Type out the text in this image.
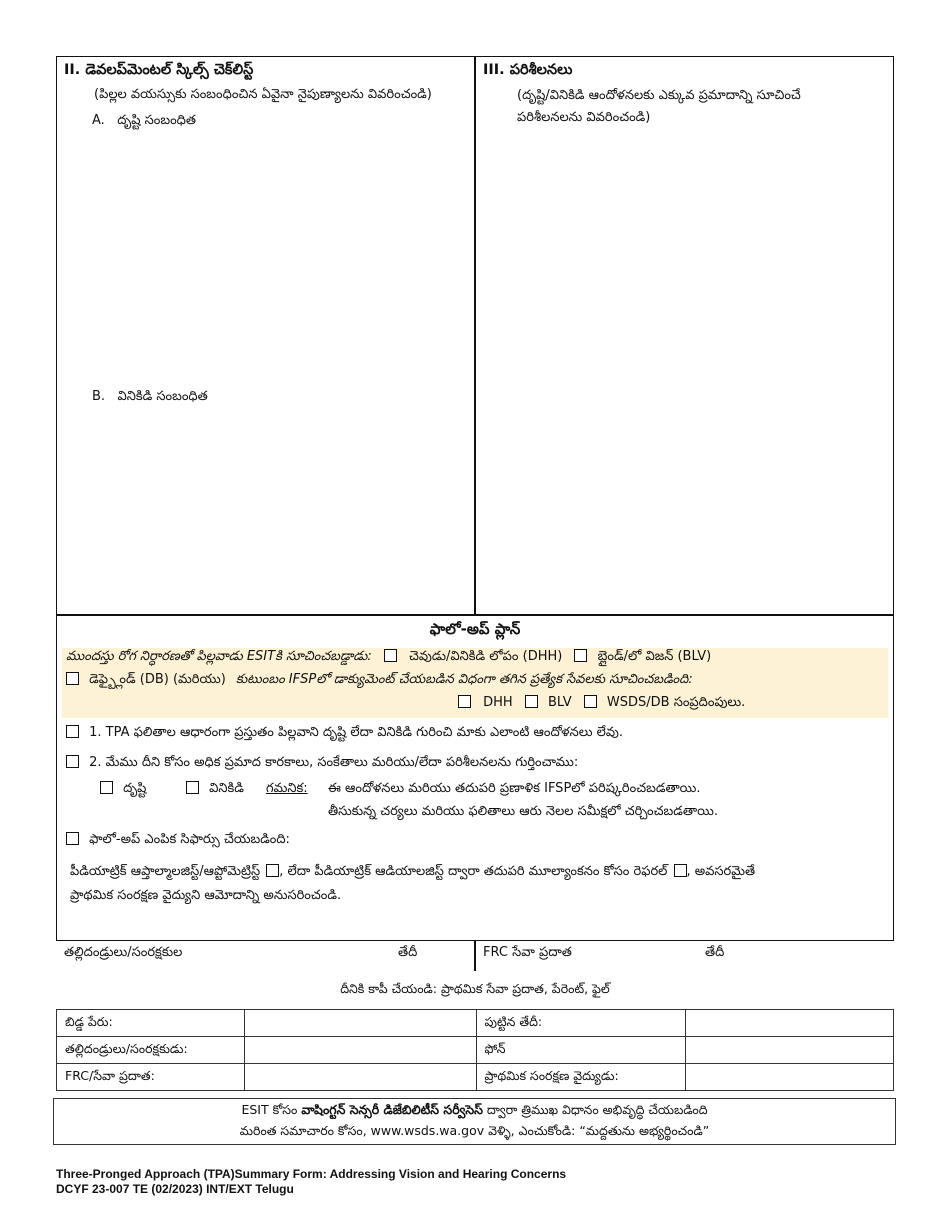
II. డెవలప్‌మెంటల్ స్కిల్స్ చెక్‌లిస్ట్
(పిల్లల వయస్సుకు సంబంధించిన ఏవైనా నైపుణ్యాలను వివరించండి)
A.   దృష్టి సంబంధిత
B.   వినికిడి సంబంధిత
III. పరిశీలనలు
(దృష్టి/వినికిడి ఆందోళనలకు ఎక్కువ ప్రమాదాన్ని సూచించే
పరిశీలనలను వివరించండి)
ఫాలో-అప్ ప్లాన్
ముందస్తు రోగ నిర్ధారణతో పిల్లవాడు ESITకి సూచించబడ్డాడు:	చెవుడు/వినికిడి లోపం (DHH)	బ్లైండ్/లో విజన్ (BLV)
డెఫ్బ్లైండ్ (DB) (మరియు) కుటుంబం IFSPలో డాక్యుమెంట్ చేయబడిన విధంగా తగిన ప్రత్యేక సేవలకు సూచించబడింది:
DHH	BLV	WSDS/DB సంప్రదింపులు.
1. TPA ఫలితాల ఆధారంగా ప్రస్తుతం పిల్లవాని దృష్టి లేదా వినికిడి గురించి మాకు ఎలాంటి ఆందోళనలు లేవు.
2. మేము దీని కోసం అధిక ప్రమాద కారకాలు, సంకేతాలు మరియు/లేదా పరిశీలనలను గుర్తించాము:
దృష్టి	వినికిడి గమనిక: ఈ ఆందోళనలు మరియు తదుపరి ప్రణాళిక IFSPలో పరిష్కరించబడతాయి.
తీసుకున్న చర్యలు మరియు ఫలితాలు ఆరు నెలల సమీక్షలో చర్చించబడతాయి.
ఫాలో-అప్ ఎంపిక సిఫార్సు చేయబడింది:
పీడియాట్రిక్ ఆప్తాల్మాలజిస్ట్/ఆప్టోమెట్రిస్ట్ , లేదా పీడియాట్రిక్ ఆడియాలజిస్ట్ ద్వారా తదుపరి మూల్యాంకనం కోసం రెఫరల్ , అవసరమైతే
ప్రాథమిక సంరక్షణ వైద్యుని ఆమోదాన్ని అనుసరించండి.
తల్లిదండ్రులు/సంరక్షకుల	తేదీ	FRC సేవా ప్రదాత	తేదీ
దీనికి కాపీ చేయండి: ప్రాథమిక సేవా ప్రదాత, పేరెంట్, ఫైల్
బిడ్డ పేరు:		పుట్టిన తేదీ:	
తల్లిదండ్రులు/సంరక్షకుడు:		ఫోన్	
FRC/సేవా ప్రదాత:		ప్రాథమిక సంరక్షణ వైద్యుడు:	
ESIT కోసం వాషింగ్టన్ సెన్సరీ డిజేబిలిటీస్ సర్వీసెస్ ద్వారా త్రిముఖ విధానం అభివృద్ధి చేయబడింది
మరింత సమాచారం కోసం, www.wsds.wa.gov వెళ్ళి, ఎంచుకోండి: “మద్దతును అభ్యర్థించండి”
Three-Pronged Approach (TPA)Summary Form: Addressing Vision and Hearing Concerns
DCYF 23-007 TE (02/2023) INT/EXT Telugu
